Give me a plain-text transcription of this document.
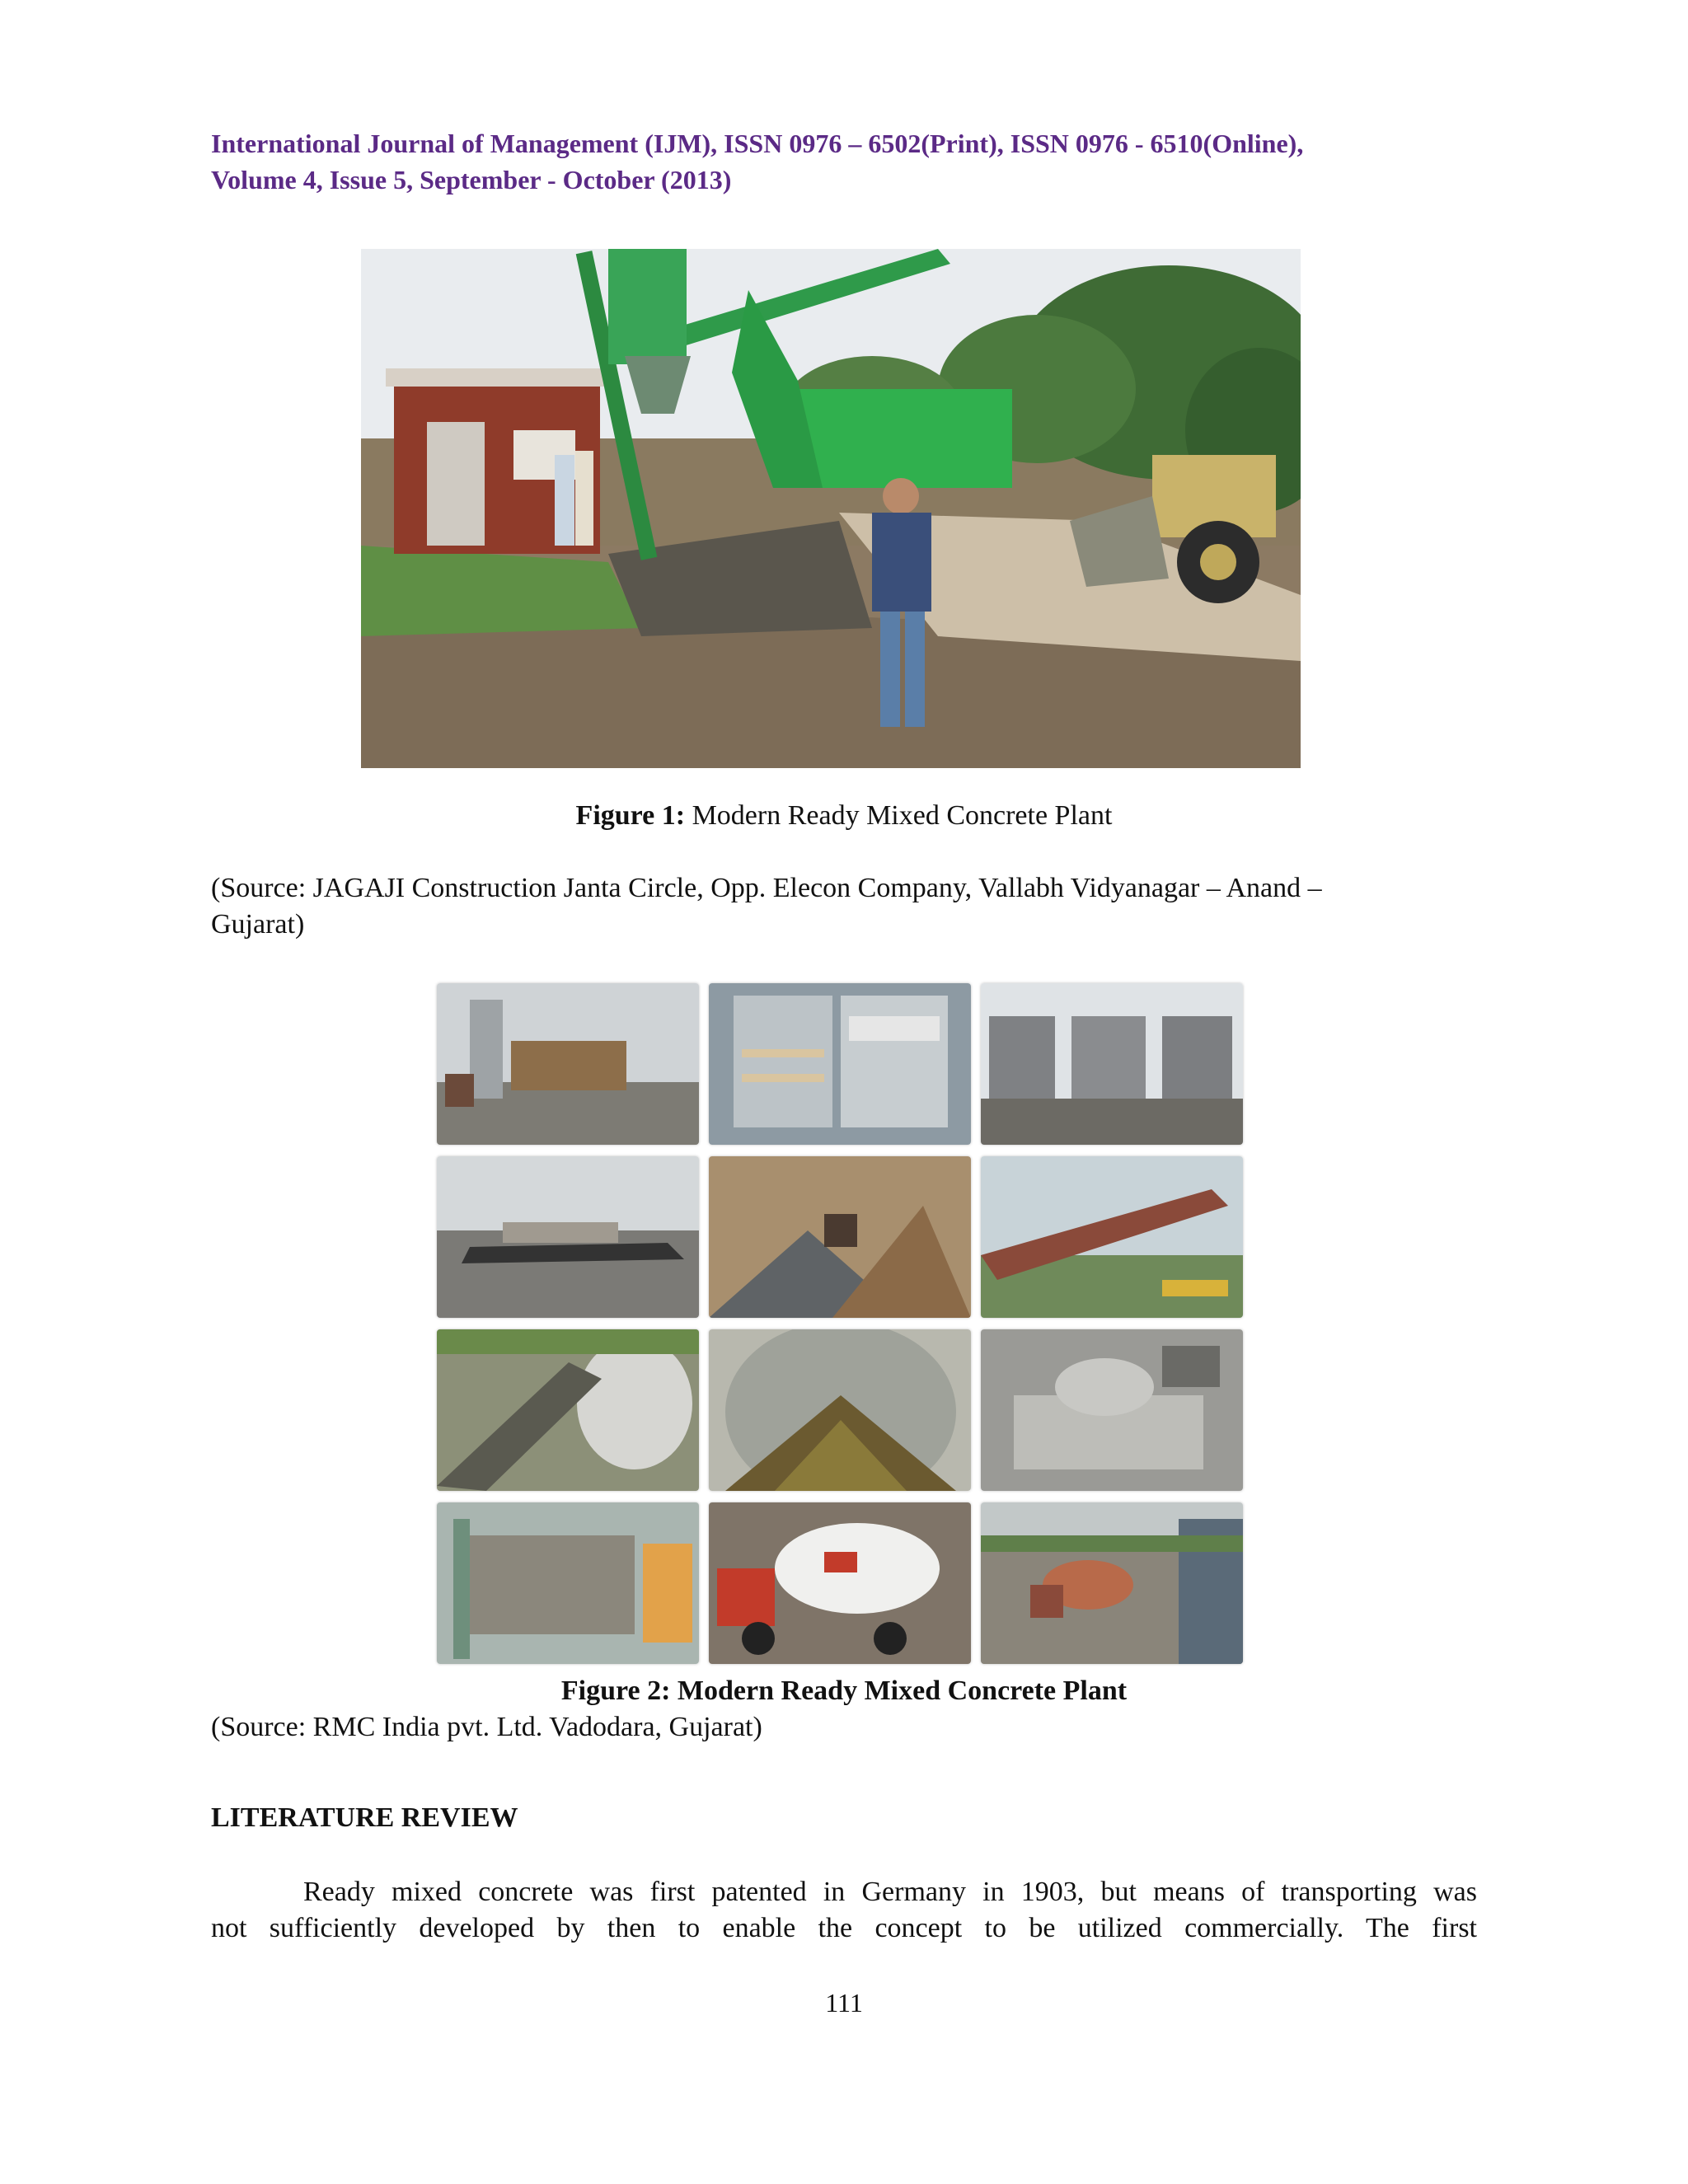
International Journal of Management (IJM), ISSN 0976 – 6502(Print), ISSN 0976 - 6510(Online),
Volume 4, Issue 5, September - October (2013)
Figure 1: Modern Ready Mixed Concrete Plant
(Source: JAGAJI Construction Janta Circle, Opp. Elecon Company, Vallabh Vidyanagar – Anand –
Gujarat)
Figure 2: Modern Ready Mixed Concrete Plant
(Source: RMC India pvt. Ltd. Vadodara, Gujarat)
LITERATURE REVIEW
Ready mixed concrete was first patented in Germany in 1903, but means of transporting was
not sufficiently developed by then to enable the concept to be utilized commercially. The first
111
